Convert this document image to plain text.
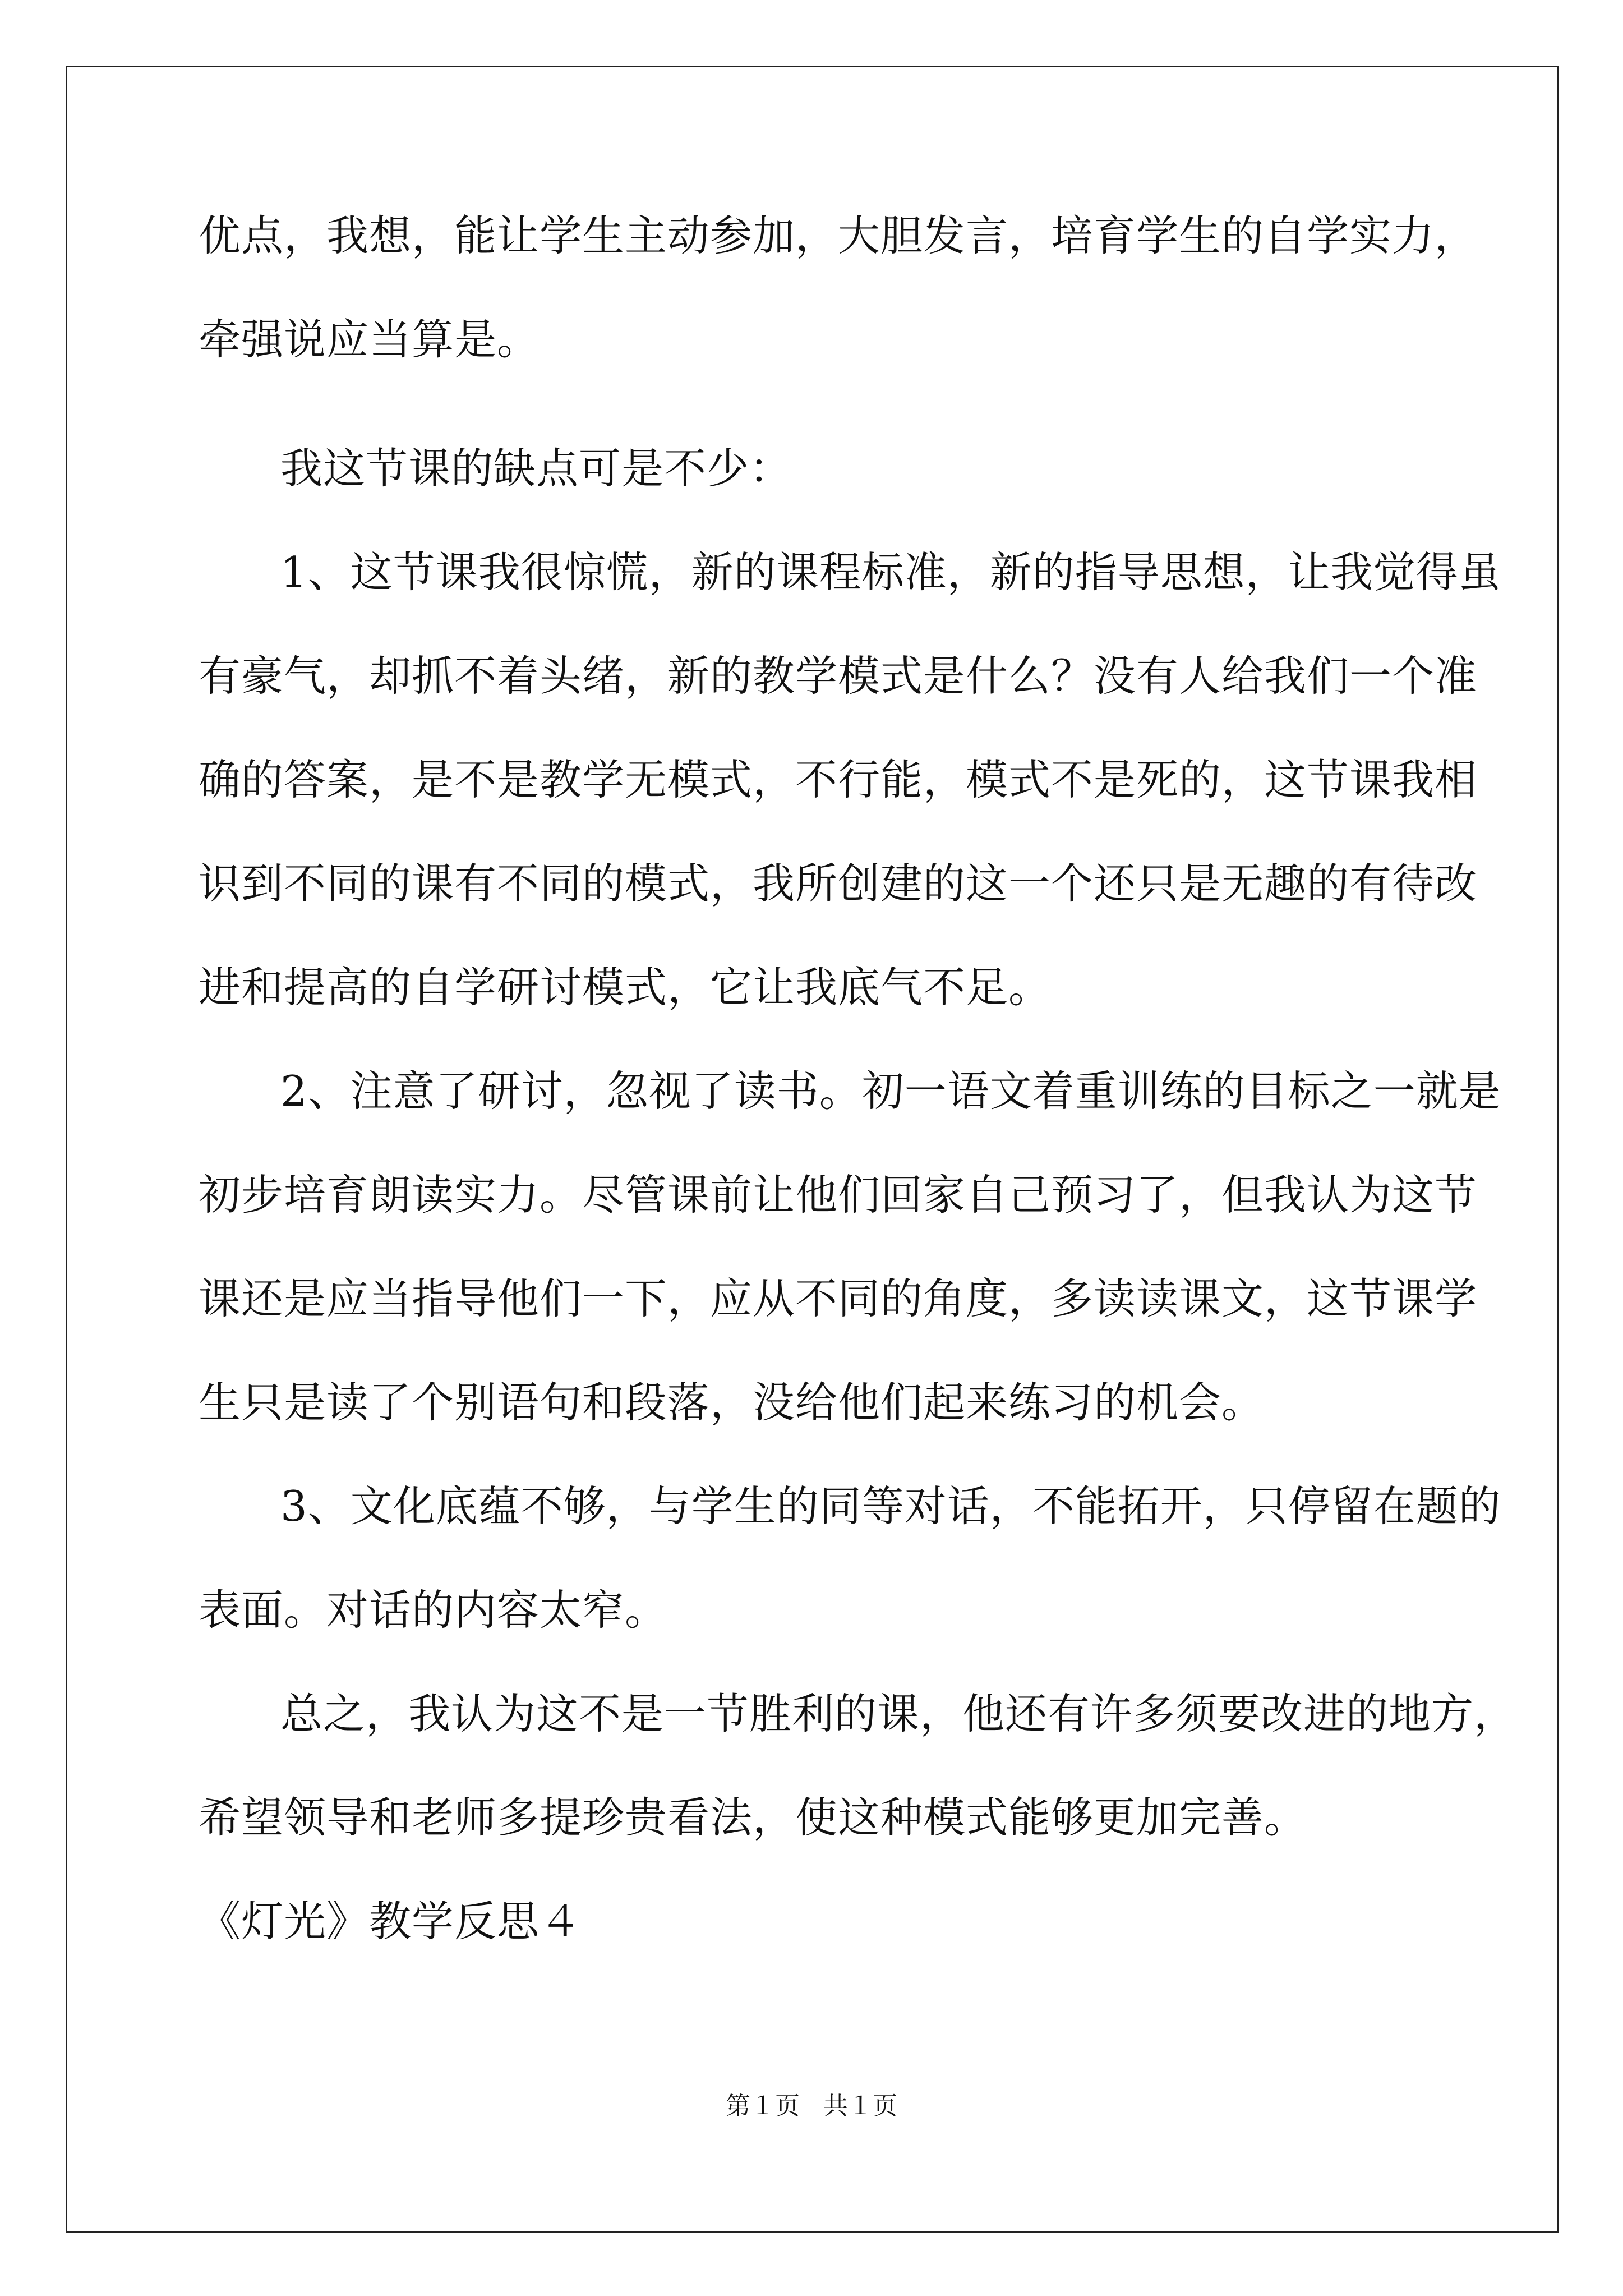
优点，我想，能让学生主动参加，大胆发言，培育学生的自学实力，

牵强说应当算是。

我这节课的缺点可是不少：

1、这节课我很惊慌，新的课程标准，新的指导思想，让我觉得虽

有豪气，却抓不着头绪，新的教学模式是什么？没有人给我们一个准

确的答案，是不是教学无模式，不行能，模式不是死的，这节课我相

识到不同的课有不同的模式，我所创建的这一个还只是无趣的有待改

进和提高的自学研讨模式，它让我底气不足。

2、注意了研讨，忽视了读书。初一语文着重训练的目标之一就是

初步培育朗读实力。尽管课前让他们回家自己预习了，但我认为这节

课还是应当指导他们一下，应从不同的角度，多读读课文，这节课学

生只是读了个别语句和段落，没给他们起来练习的机会。

3、文化底蕴不够，与学生的同等对话，不能拓开，只停留在题的

表面。对话的内容太窄。

总之，我认为这不是一节胜利的课，他还有许多须要改进的地方，

希望领导和老师多提珍贵看法，使这种模式能够更加完善。

《灯光》教学反思４

第１页   共１页
